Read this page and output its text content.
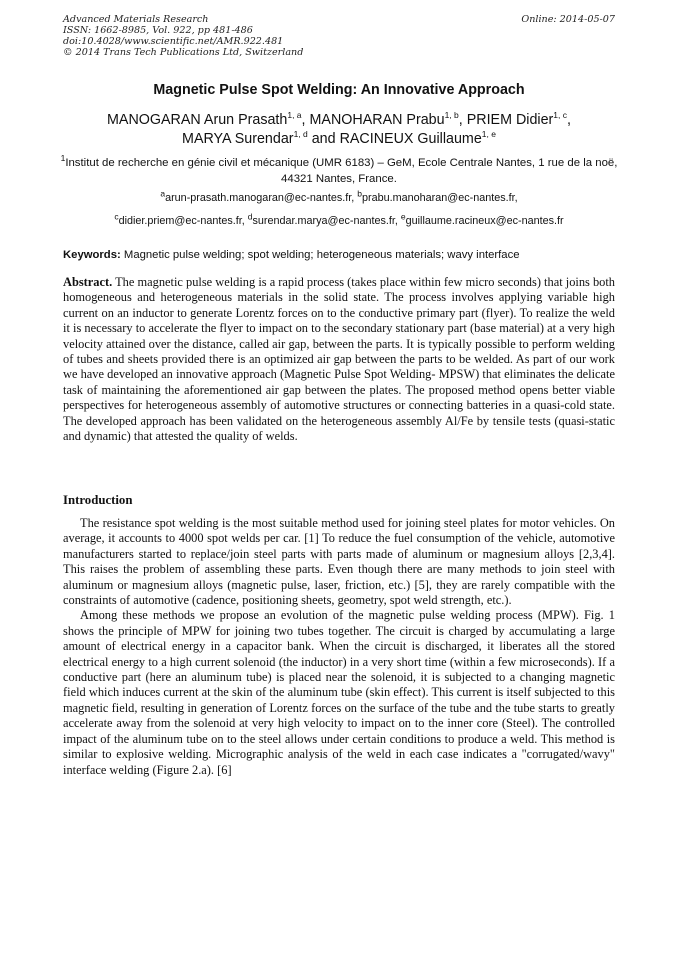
Advanced Materials Research
ISSN: 1662-8985, Vol. 922, pp 481-486
doi:10.4028/www.scientific.net/AMR.922.481
© 2014 Trans Tech Publications Ltd, Switzerland
Online: 2014-05-07
Magnetic Pulse Spot Welding: An Innovative Approach
MANOGARAN Arun Prasath$^{1, a}$, MANOHARAN Prabu$^{1, b}$, PRIEM Didier$^{1, c}$,
MARYA Surendar$^{1, d}$ and RACINEUX Guillaume$^{1, e}$
$^1$Institut de recherche en génie civil et mécanique (UMR 6183) – GeM, Ecole Centrale Nantes, 1 rue de la noë, 44321 Nantes, France.
$^a$arun-prasath.manogaran@ec-nantes.fr, $^b$prabu.manoharan@ec-nantes.fr,
$^c$didier.priem@ec-nantes.fr, $^d$surendar.marya@ec-nantes.fr, $^e$guillaume.racineux@ec-nantes.fr
Keywords: Magnetic pulse welding; spot welding; heterogeneous materials; wavy interface
Abstract. The magnetic pulse welding is a rapid process (takes place within few micro seconds) that joins both homogeneous and heterogeneous materials in the solid state. The process involves applying variable high current on an inductor to generate Lorentz forces on to the conductive primary part (flyer). To realize the weld it is necessary to accelerate the flyer to impact on to the secondary stationary part (base material) at a very high velocity attained over the distance, called air gap, between the parts. It is typically possible to perform welding of tubes and sheets provided there is an optimized air gap between the parts to be welded. As part of our work we have developed an innovative approach (Magnetic Pulse Spot Welding- MPSW) that eliminates the delicate task of maintaining the aforementioned air gap between the plates. The proposed method opens better viable perspectives for heterogeneous assembly of automotive structures or connecting batteries in a quasi-cold state. The developed approach has been validated on the heterogeneous assembly Al/Fe by tensile tests (quasi-static and dynamic) that attested the quality of welds.
Introduction

The resistance spot welding is the most suitable method used for joining steel plates for motor vehicles. On average, it accounts to 4000 spot welds per car. [1] To reduce the fuel consumption of the vehicle, automotive manufacturers started to replace/join steel parts with parts made of aluminum or magnesium alloys [2,3,4]. This raises the problem of assembling these parts. Even though there are many methods to join steel with aluminum or magnesium alloys (magnetic pulse, laser, friction, etc.) [5], they are rarely compatible with the constraints of automotive (cadence, positioning sheets, geometry, spot weld strength, etc.).

Among these methods we propose an evolution of the magnetic pulse welding process (MPW). Fig. 1 shows the principle of MPW for joining two tubes together. The circuit is charged by accumulating a large amount of electrical energy in a capacitor bank. When the circuit is discharged, it liberates all the stored electrical energy to a high current solenoid (the inductor) in a very short time (within a few microseconds). If a conductive part (here an aluminum tube) is placed near the solenoid, it is subjected to a changing magnetic field which induces current at the skin of the aluminum tube (skin effect). This current is itself subjected to this magnetic field, resulting in generation of Lorentz forces on the surface of the tube and the tube starts to greatly accelerate away from the solenoid at very high velocity to impact on to the inner core (Steel). The controlled impact of the aluminum tube on to the steel allows under certain conditions to produce a weld. This method is similar to explosive welding. Micrographic analysis of the weld in each case indicates a "corrugated/wavy" interface welding (Figure 2.a). [6]
